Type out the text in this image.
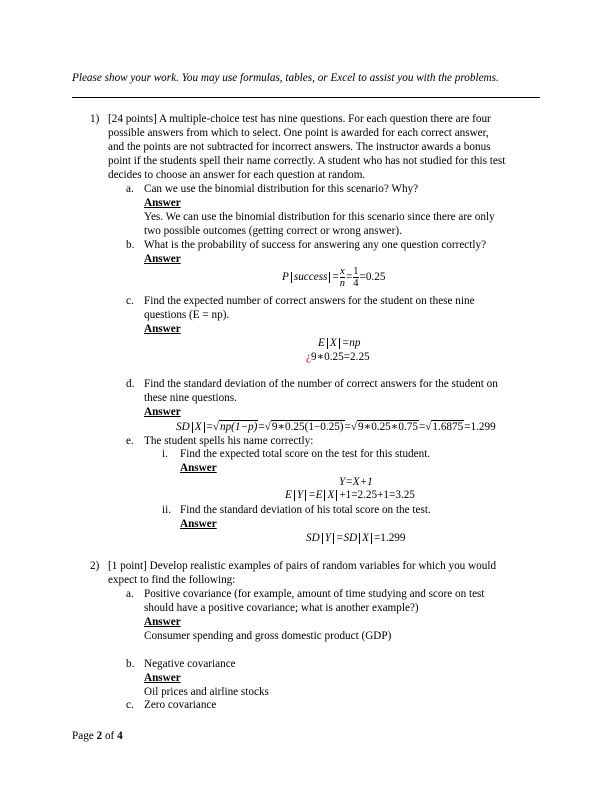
Please show your work. You may use formulas, tables, or Excel to assist you with the problems.
1) [24 points] A multiple-choice test has nine questions. For each question there are four
possible answers from which to select. One point is awarded for each correct answer,
and the points are not subtracted for incorrect answers. The instructor awards a bonus
point if the students spell their name correctly. A student who has not studied for this test
decides to choose an answer for each question at random.
a. Can we use the binomial distribution for this scenario? Why?
Answer
Yes. We can use the binomial distribution for this scenario since there are only
two possible outcomes (getting correct or wrong answer).
b. What is the probability of success for answering any one question correctly?
Answer
P success = $\frac{x}{n} = \frac{1}{4} =0.25$
c. Find the expected number of correct answers for the student on these nine
questions (E = np).
Answer
E X =np
¿9∗0.25=2.25
d. Find the standard deviation of the number of correct answers for the student on
these nine questions.
Answer
SD X =√np(1−p)=√9∗0.25(1−0.25)=√9∗0.25∗0.75=√1.6875=1.299
e. The student spells his name correctly:
i. Find the expected total score on the test for this student.
Answer
Y=X+1
E Y =E X +1=2.25+1=3.25
ii. Find the standard deviation of his total score on the test.
Answer
SD Y =SD X =1.299
2) [1 point] Develop realistic examples of pairs of random variables for which you would
expect to find the following:
a. Positive covariance (for example, amount of time studying and score on test
should have a positive covariance; what is another example?)
Answer
Consumer spending and gross domestic product (GDP)
b. Negative covariance
Answer
Oil prices and airline stocks
c. Zero covariance
Page 2 of 4
